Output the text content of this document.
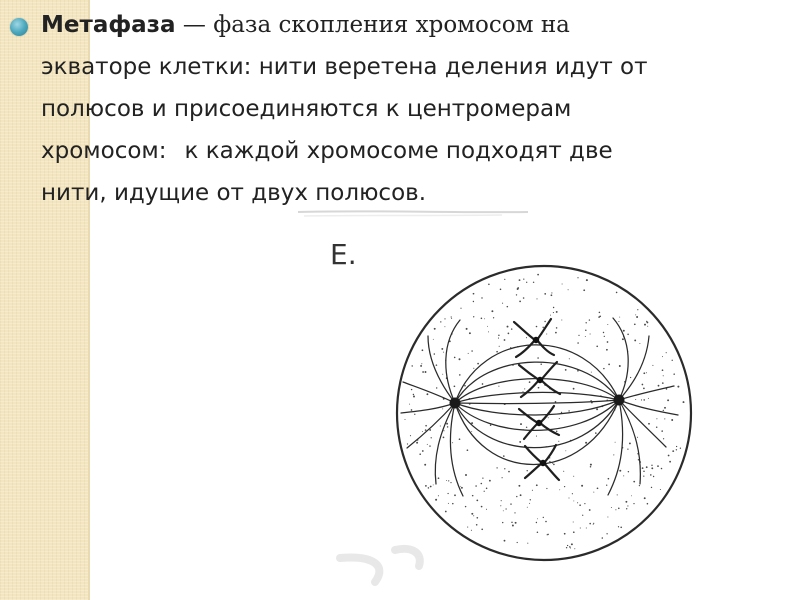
Метафаза — фаза скопления хромосом на
экваторе клетки: нити веретена деления идут от
полюсов и присоединяются к центромерам
хромосом: к каждой хромосоме подходят две
нити, идущие от двух полюсов.
Е.
